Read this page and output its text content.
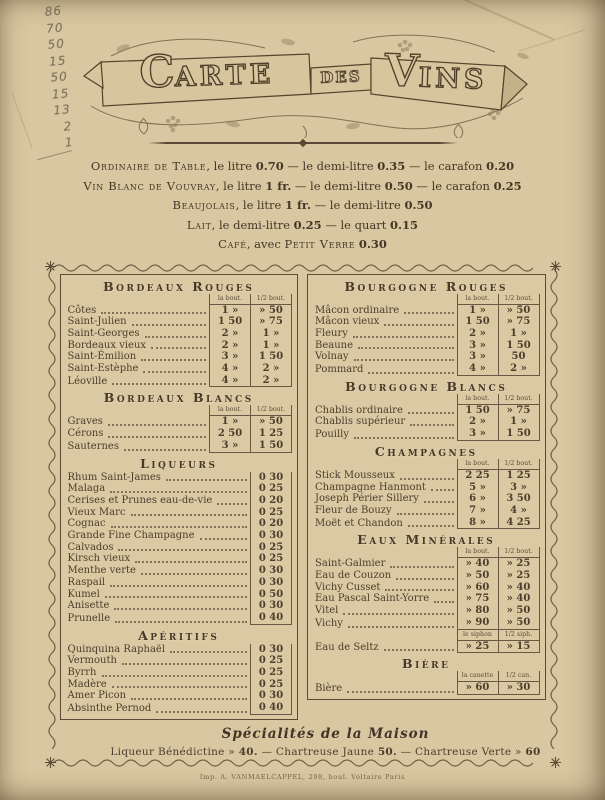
86
70
50
15
50
15
13
2
1
CARTE	DES VINS
Ordinaire de Table, le litre 0.70 — le demi-litre 0.35 — le carafon 0.20
Vin Blanc de Vouvray, le litre 1 fr. — le demi-litre 0.50 — le carafon 0.25
Beaujolais, le litre 1 fr. — le demi-litre 0.50
Lait, le demi-litre 0.25 — le quart 0.15
Café, avec Petit Verre 0.30
Bordeaux Rouges
la bout.	1/2 bout.
Côtes	1 »	» 50
Saint-Julien	1 50	» 75
Saint-Georges	2 »	1 »
Bordeaux vieux	2 »	1 »
Saint-Émilion	3 »	1 50
Saint-Estèphe	4 »	2 »
Léoville	4 »	2 »
Bordeaux Blancs
la bout.	1/2 bout.
Graves	1 »	» 50
Cérons	2 50	1 25
Sauternes	3 »	1 50
Liqueurs
Rhum Saint-James	0 30
Malaga	0 25
Cerises et Prunes eau-de-vie	0 20
Vieux Marc	0 25
Cognac	0 20
Grande Fine Champagne	0 30
Calvados	0 25
Kirsch vieux	0 25
Menthe verte	0 30
Raspail	0 30
Kumel	0 50
Anisette	0 30
Prunelle	0 40
Apéritifs
Quinquina Raphaël	0 30
Vermouth	0 25
Byrrh	0 25
Madère	0 25
Amer Picon	0 30
Absinthe Pernod	0 40
Bourgogne Rouges
la bout.	1/2 bout.
Mâcon ordinaire	1 »	» 50
Mâcon vieux	1 50	» 75
Fleury	2 »	1 »
Beaune	3 »	1 50
Volnay	3 »	50
Pommard	4 »	2 »
Bourgogne Blancs
la bout.	1/2 bout.
Chablis ordinaire	1 50	» 75
Chablis supérieur	2 »	1 »
Pouilly	3 »	1 50
Champagnes
la bout.	1/2 bout.
Stick Mousseux	2 25	1 25
Champagne Hanmont	5 »	3 »
Joseph Périer Sillery	6 »	3 50
Fleur de Bouzy	7 »	4 »
Moët et Chandon	8 »	4 25
Eaux Minérales
la bout.	1/2 bout.
Saint-Galmier	» 40	» 25
Eau de Couzon	» 50	» 25
Vichy Cusset	» 60	» 40
Eau Pascal Saint-Yorre	» 75	» 40
Vitel	» 80	» 50
Vichy	» 90	» 50
le siphon	1/2 siph.
Eau de Seltz	» 25	» 15
Bière
la canette	1/2 can.
Bière	» 60	» 30
Spécialités de la Maison
Liqueur Bénédictine » 40. — Chartreuse Jaune 50. — Chartreuse Verte » 60
Imp. A. VANMAELCAPPEL, 298, boul. Voltaire Paris
